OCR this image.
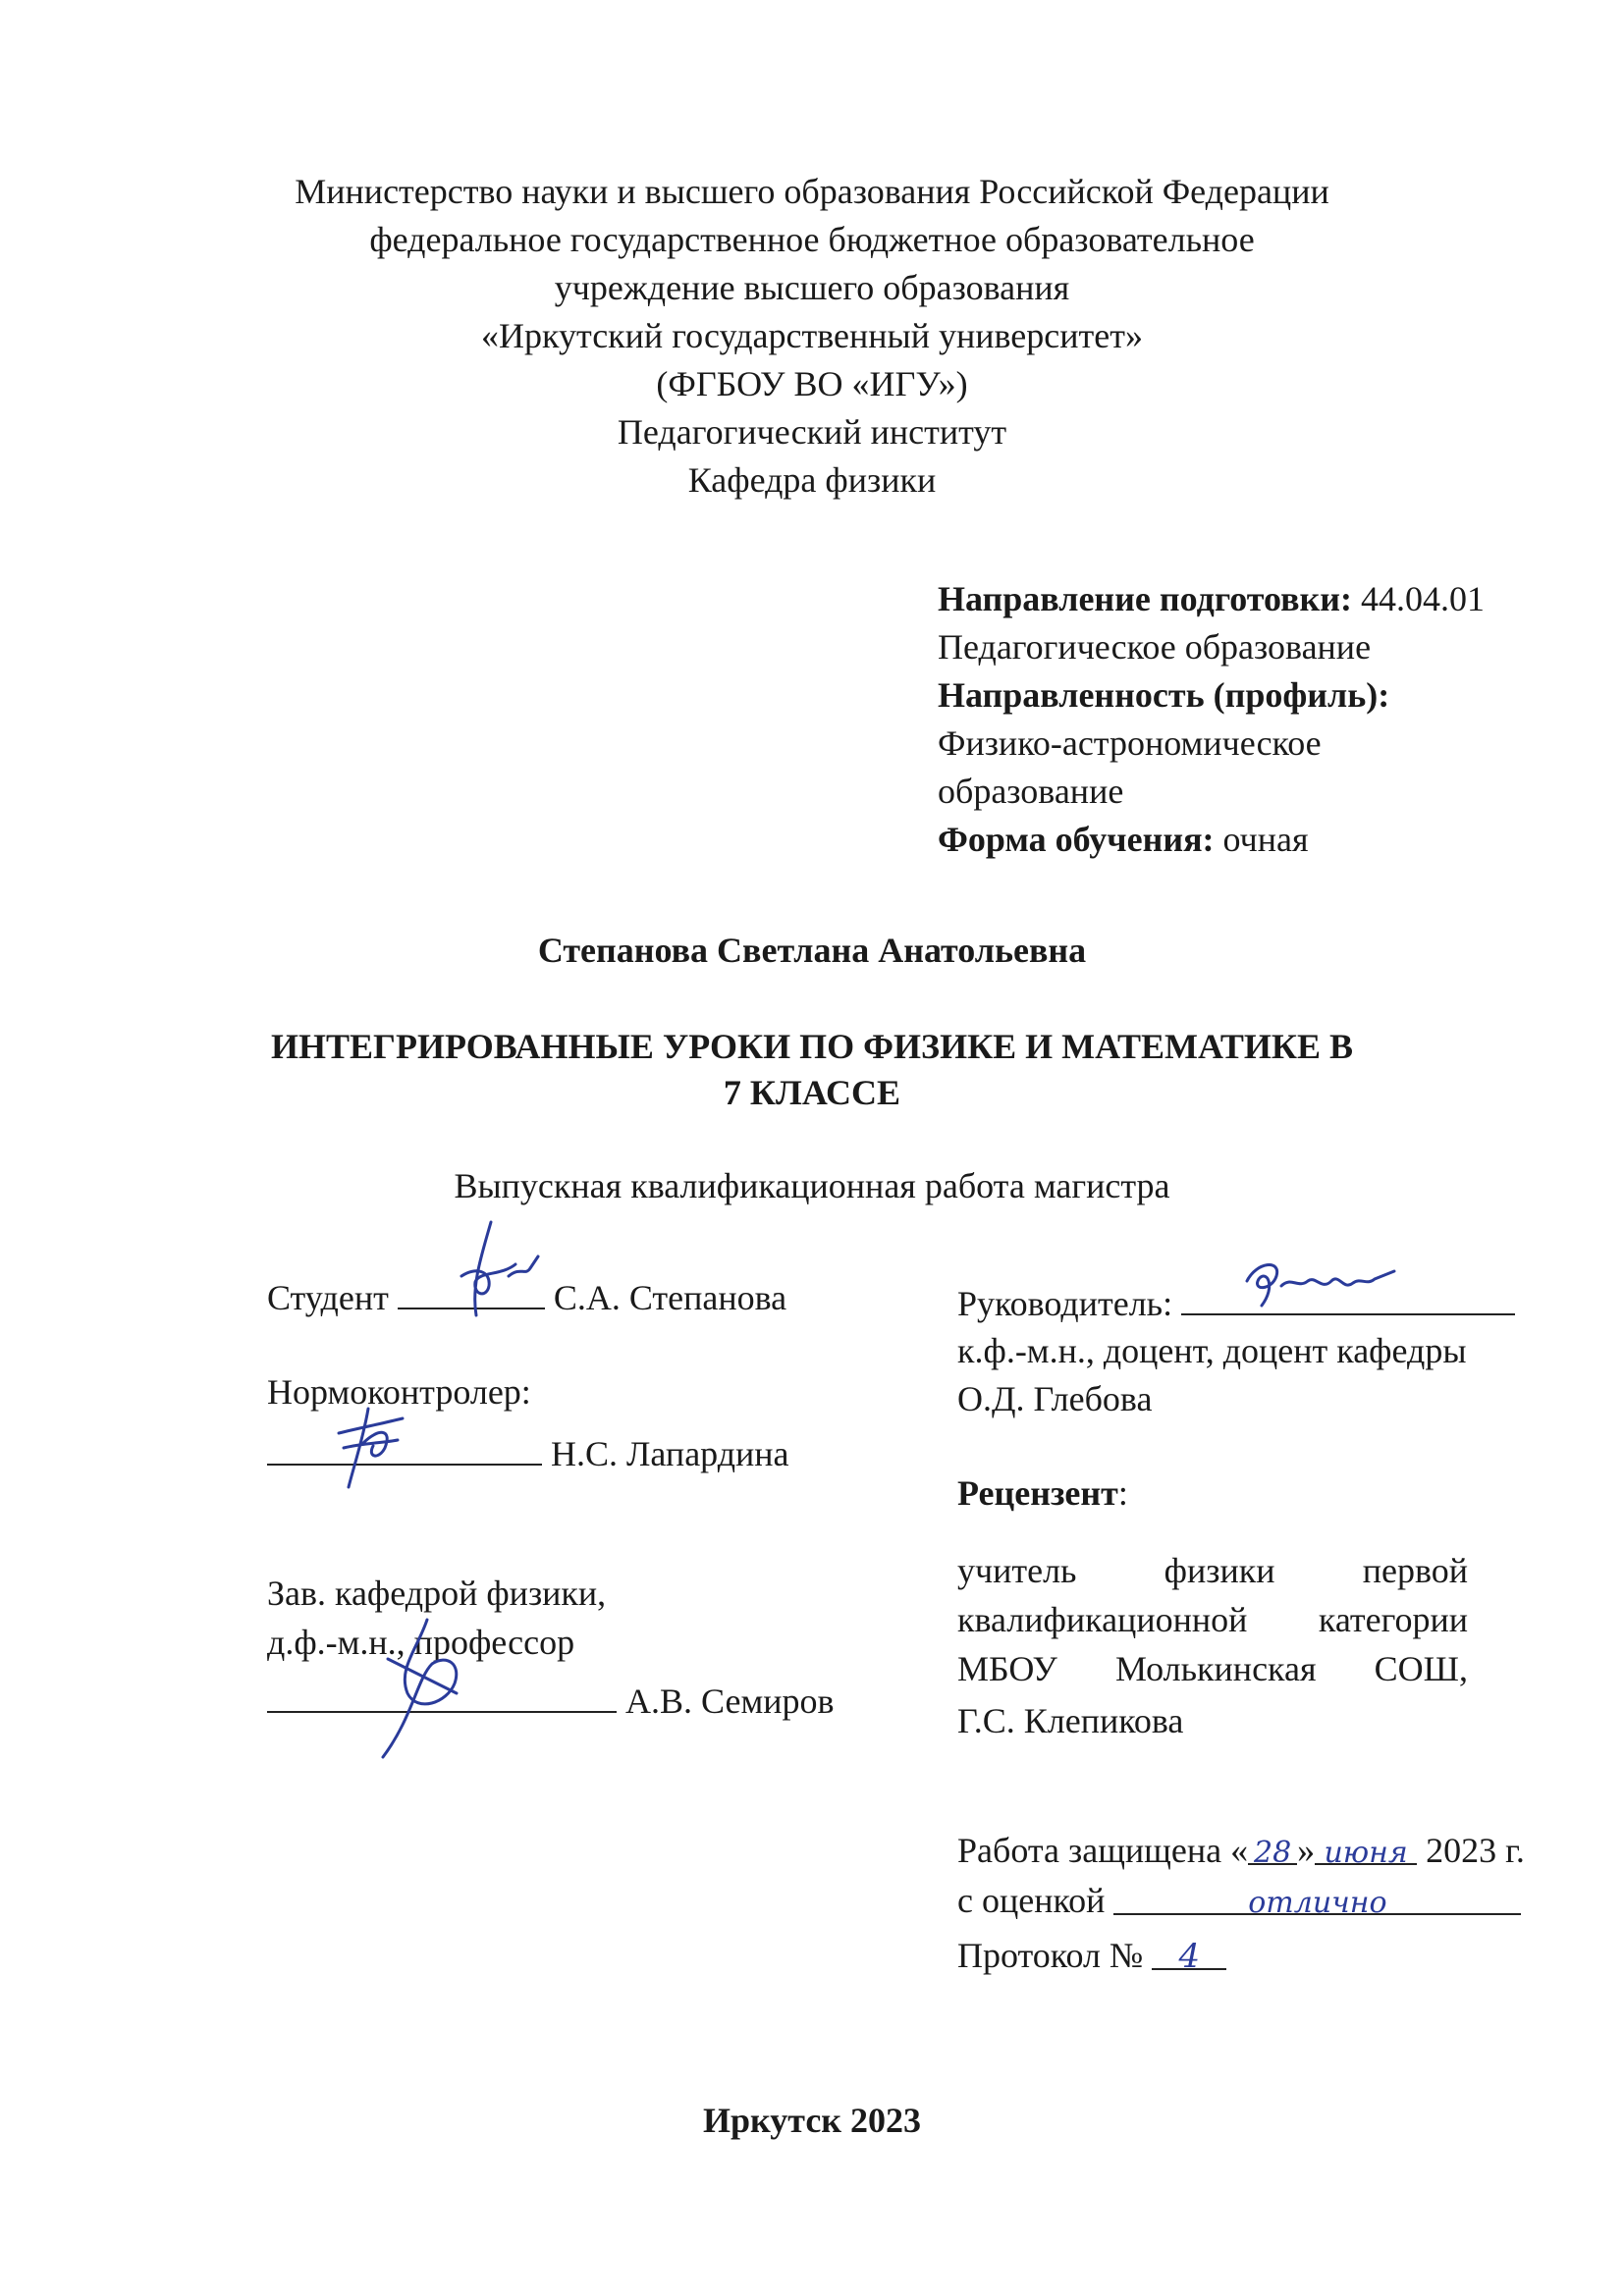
Министерство науки и высшего образования Российской Федерации
федеральное государственное бюджетное образовательное
учреждение высшего образования
«Иркутский государственный университет»
(ФГБОУ ВО «ИГУ»)
Педагогический институт
Кафедра физики
Направление подготовки: 44.04.01
Педагогическое образование
Направленность (профиль):
Физико-астрономическое
образование
Форма обучения: очная
Степанова Светлана Анатольевна
ИНТЕГРИРОВАННЫЕ УРОКИ ПО ФИЗИКЕ И МАТЕМАТИКЕ В
7 КЛАССЕ
Выпускная квалификационная работа магистра
Студент	С.А. Степанова
Нормоконтролер:
Н.С. Лапардина
Зав. кафедрой физики,
д.ф.-м.н., профессор
А.В. Семиров
Руководитель:
к.ф.-м.н., доцент, доцент кафедры
О.Д. Глебова
Рецензент:
учитель физики первой
квалификационной категории
МБОУ Молькинская СОШ,
Г.С. Клепикова
Работа защищена « 28 » июня 2023 г.
с оценкой	отлично
Протокол № 4
Иркутск 2023
